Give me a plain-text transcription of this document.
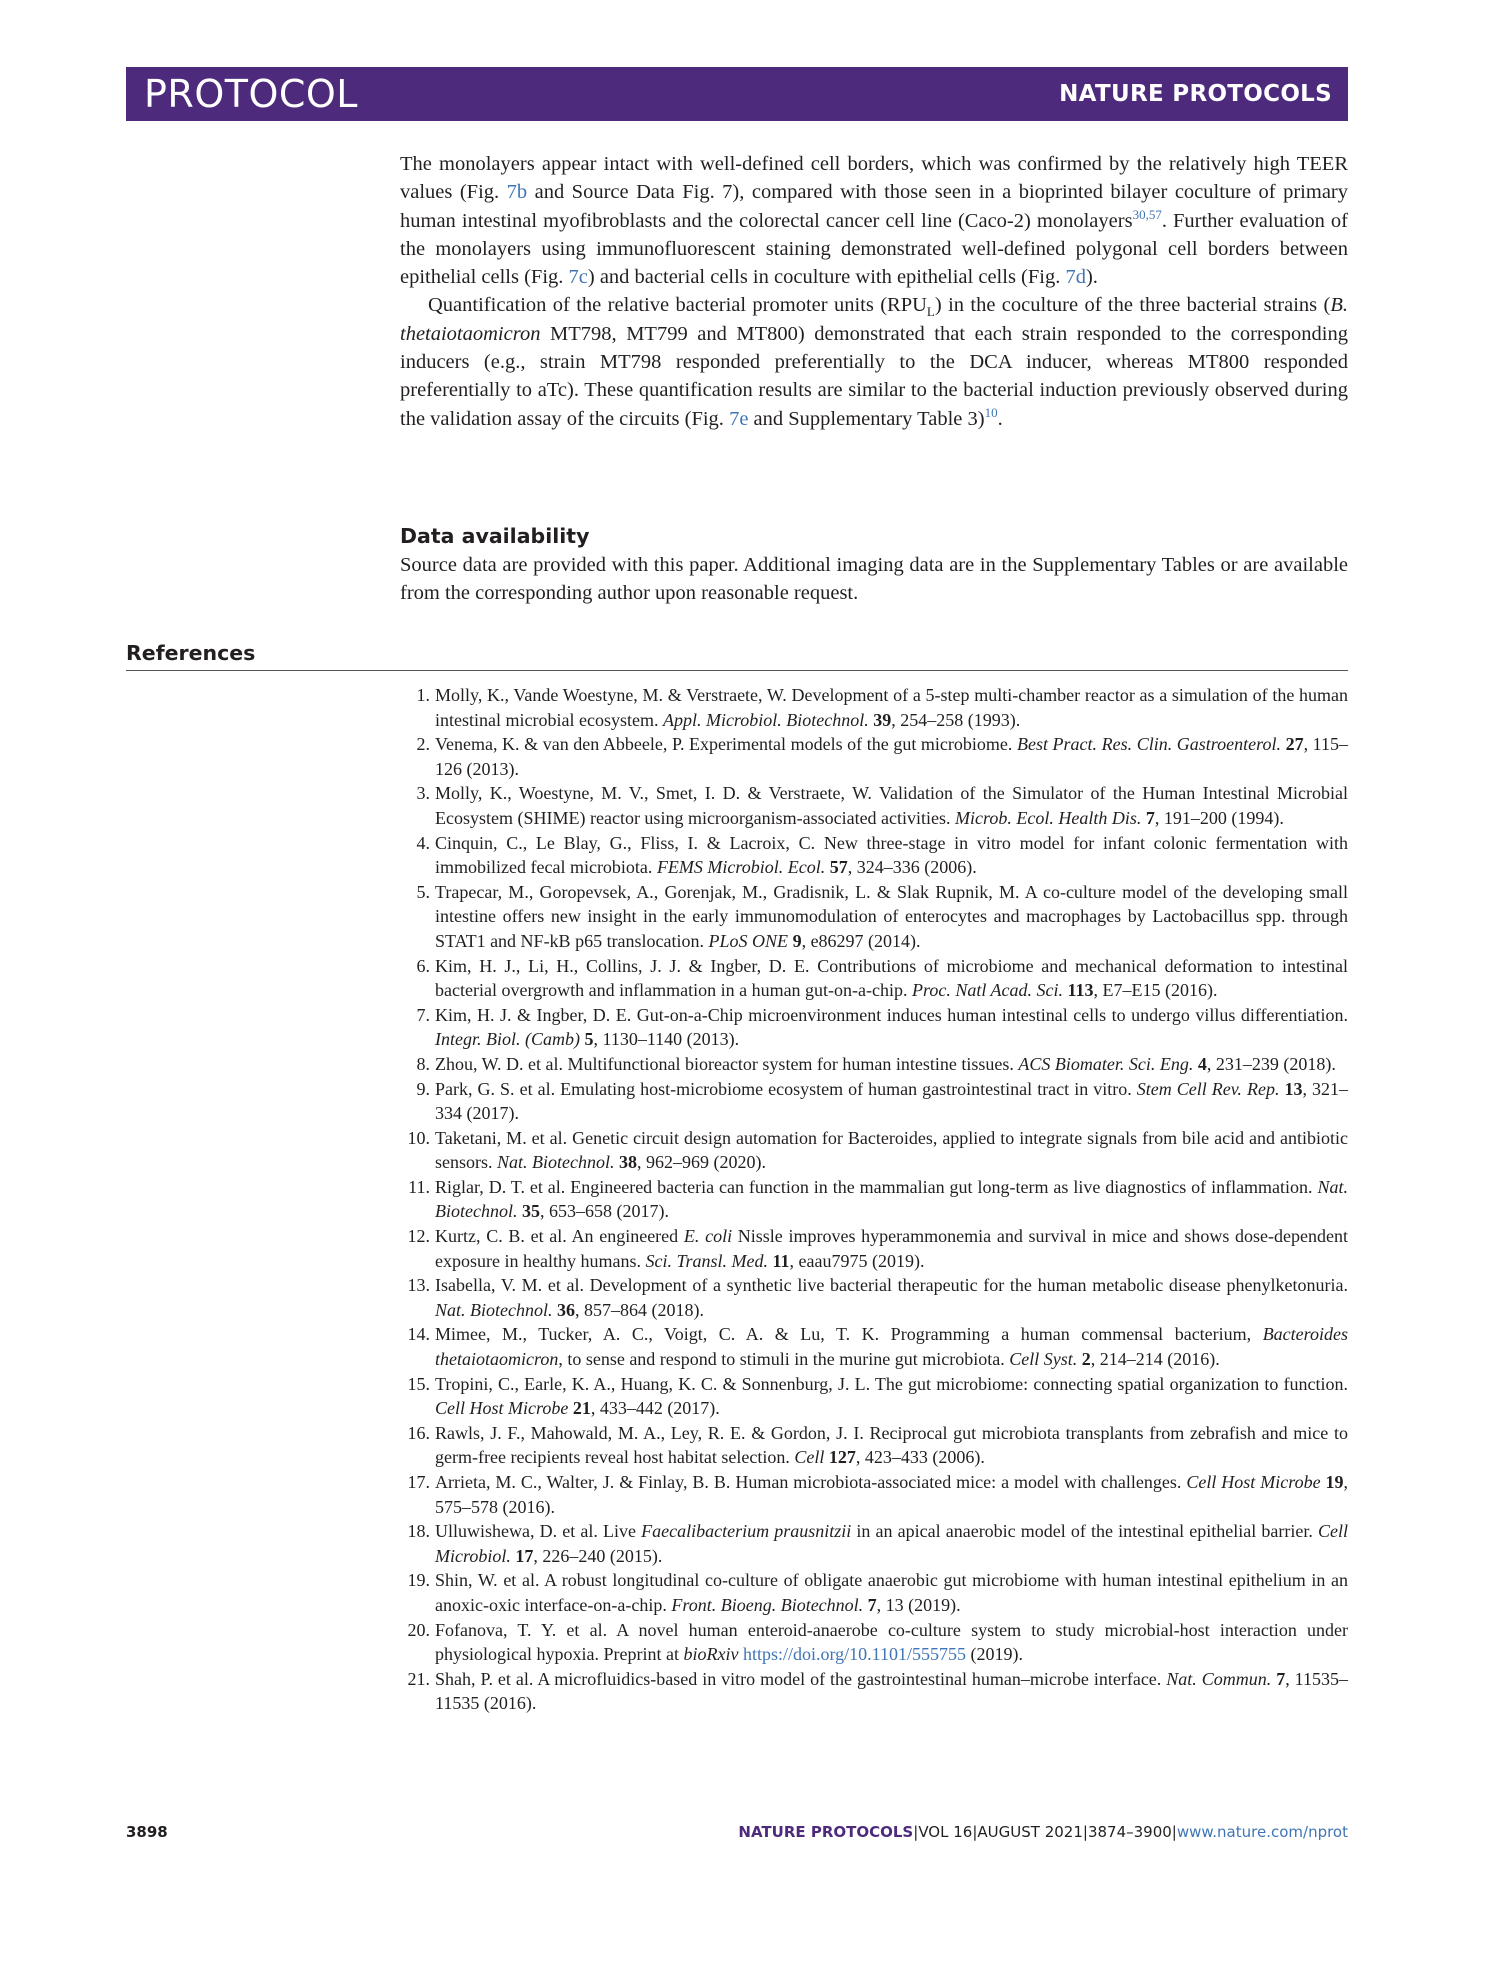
PROTOCOL	NATURE PROTOCOLS

The monolayers appear intact with well-defined cell borders, which was confirmed by the relatively high TEER values (Fig. 7b and Source Data Fig. 7), compared with those seen in a bioprinted bilayer coculture of primary human intestinal myofibroblasts and the colorectal cancer cell line (Caco-2) monolayers$^{30,57}$. Further evaluation of the monolayers using immunofluorescent staining demonstrated well-defined polygonal cell borders between epithelial cells (Fig. 7c) and bacterial cells in coculture with epithelial cells (Fig. 7d).

Quantification of the relative bacterial promoter units $(RPU_L)$ in the coculture of the three bacterial strains (B. thetaiotaomicron MT798, MT799 and MT800) demonstrated that each strain responded to the corresponding inducers (e.g., strain MT798 responded preferentially to the DCA inducer, whereas MT800 responded preferentially to aTc). These quantification results are similar to the bacterial induction previously observed during the validation assay of the circuits (Fig. 7e and Supplementary Table 3)$^{10}$.

Data availability
Source data are provided with this paper. Additional imaging data are in the Supplementary Tables or are available from the corresponding author upon reasonable request.
References
1. Molly, K., Vande Woestyne, M. & Verstraete, W. Development of a 5-step multi-chamber reactor as a simulation of the human intestinal microbial ecosystem. Appl. Microbiol. Biotechnol. 39, 254–258 (1993).
2. Venema, K. & van den Abbeele, P. Experimental models of the gut microbiome. Best Pract. Res. Clin. Gastroenterol. 27, 115–126 (2013).
3. Molly, K., Woestyne, M. V., Smet, I. D. & Verstraete, W. Validation of the Simulator of the Human Intestinal Microbial Ecosystem (SHIME) reactor using microorganism-associated activities. Microb. Ecol. Health Dis. 7, 191–200 (1994).
4. Cinquin, C., Le Blay, G., Fliss, I. & Lacroix, C. New three-stage in vitro model for infant colonic fermentation with immobilized fecal microbiota. FEMS Microbiol. Ecol. 57, 324–336 (2006).
5. Trapecar, M., Goropevsek, A., Gorenjak, M., Gradisnik, L. & Slak Rupnik, M. A co-culture model of the developing small intestine offers new insight in the early immunomodulation of enterocytes and macrophages by Lactobacillus spp. through STAT1 and NF-kB p65 translocation. PLoS ONE 9, e86297 (2014).
6. Kim, H. J., Li, H., Collins, J. J. & Ingber, D. E. Contributions of microbiome and mechanical deformation to intestinal bacterial overgrowth and inflammation in a human gut-on-a-chip. Proc. Natl Acad. Sci. 113, E7–E15 (2016).
7. Kim, H. J. & Ingber, D. E. Gut-on-a-Chip microenvironment induces human intestinal cells to undergo villus differentiation. Integr. Biol. (Camb) 5, 1130–1140 (2013).
8. Zhou, W. D. et al. Multifunctional bioreactor system for human intestine tissues. ACS Biomater. Sci. Eng. 4, 231–239 (2018).
9. Park, G. S. et al. Emulating host-microbiome ecosystem of human gastrointestinal tract in vitro. Stem Cell Rev. Rep. 13, 321–334 (2017).
10. Taketani, M. et al. Genetic circuit design automation for Bacteroides, applied to integrate signals from bile acid and antibiotic sensors. Nat. Biotechnol. 38, 962–969 (2020).
11. Riglar, D. T. et al. Engineered bacteria can function in the mammalian gut long-term as live diagnostics of inflammation. Nat. Biotechnol. 35, 653–658 (2017).
12. Kurtz, C. B. et al. An engineered E. coli Nissle improves hyperammonemia and survival in mice and shows dose-dependent exposure in healthy humans. Sci. Transl. Med. 11, eaau7975 (2019).
13. Isabella, V. M. et al. Development of a synthetic live bacterial therapeutic for the human metabolic disease phenylketonuria. Nat. Biotechnol. 36, 857–864 (2018).
14. Mimee, M., Tucker, A. C., Voigt, C. A. & Lu, T. K. Programming a human commensal bacterium, Bacteroides thetaiotaomicron, to sense and respond to stimuli in the murine gut microbiota. Cell Syst. 2, 214–214 (2016).
15. Tropini, C., Earle, K. A., Huang, K. C. & Sonnenburg, J. L. The gut microbiome: connecting spatial organization to function. Cell Host Microbe 21, 433–442 (2017).
16. Rawls, J. F., Mahowald, M. A., Ley, R. E. & Gordon, J. I. Reciprocal gut microbiota transplants from zebrafish and mice to germ-free recipients reveal host habitat selection. Cell 127, 423–433 (2006).
17. Arrieta, M. C., Walter, J. & Finlay, B. B. Human microbiota-associated mice: a model with challenges. Cell Host Microbe 19, 575–578 (2016).
18. Ulluwishewa, D. et al. Live Faecalibacterium prausnitzii in an apical anaerobic model of the intestinal epithelial barrier. Cell Microbiol. 17, 226–240 (2015).
19. Shin, W. et al. A robust longitudinal co-culture of obligate anaerobic gut microbiome with human intestinal epithelium in an anoxic-oxic interface-on-a-chip. Front. Bioeng. Biotechnol. 7, 13 (2019).
20. Fofanova, T. Y. et al. A novel human enteroid-anaerobe co-culture system to study microbial-host interaction under physiological hypoxia. Preprint at bioRxiv https://doi.org/10.1101/555755 (2019).
21. Shah, P. et al. A microfluidics-based in vitro model of the gastrointestinal human–microbe interface. Nat. Commun. 7, 11535–11535 (2016).
3898	NATURE PROTOCOLS|VOL 16|AUGUST 2021|3874–3900|www.nature.com/nprot
